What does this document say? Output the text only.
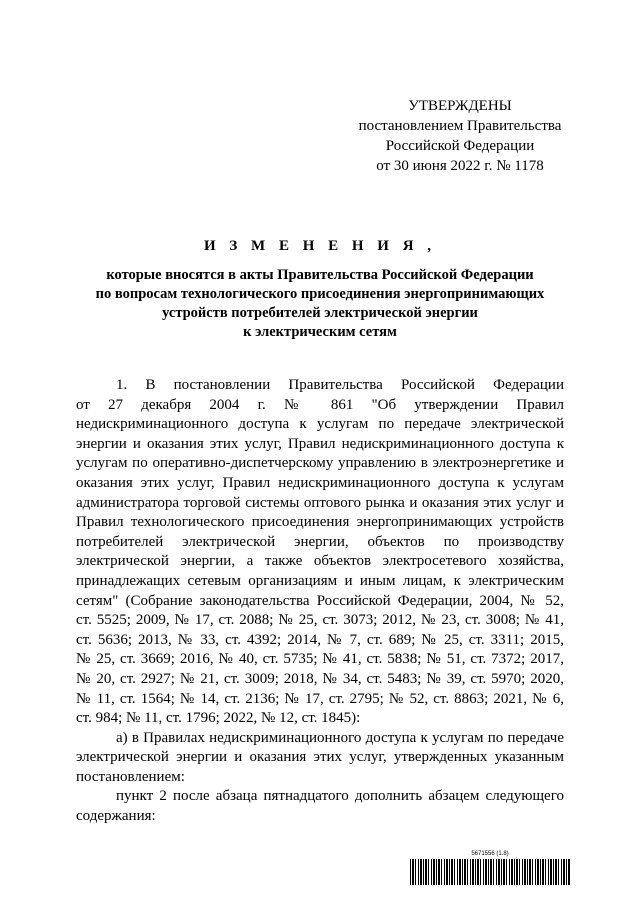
УТВЕРЖДЕНЫ
постановлением Правительства
Российской Федерации
от 30 июня 2022 г. № 1178
И З М Е Н Е Н И Я ,
которые вносятся в акты Правительства Российской Федерации
по вопросам технологического присоединения энергопринимающих
устройств потребителей электрической энергии
к электрическим сетям
1. В постановлении Правительства Российской Федерации
от 27 декабря 2004 г. № 861 "Об утверждении Правил
недискриминационного доступа к услугам по передаче электрической
энергии и оказания этих услуг, Правил недискриминационного доступа к
услугам по оперативно-диспетчерскому управлению в электроэнергетике и
оказания этих услуг, Правил недискриминационного доступа к услугам
администратора торговой системы оптового рынка и оказания этих услуг и
Правил технологического присоединения энергопринимающих устройств
потребителей электрической энергии, объектов по производству
электрической энергии, а также объектов электросетевого хозяйства,
принадлежащих сетевым организациям и иным лицам, к электрическим
сетям" (Собрание законодательства Российской Федерации, 2004, № 52,
ст. 5525; 2009, № 17, ст. 2088; № 25, ст. 3073; 2012, № 23, ст. 3008; № 41,
ст. 5636; 2013, № 33, ст. 4392; 2014, № 7, ст. 689; № 25, ст. 3311; 2015,
№ 25, ст. 3669; 2016, № 40, ст. 5735; № 41, ст. 5838; № 51, ст. 7372; 2017,
№ 20, ст. 2927; № 21, ст. 3009; 2018, № 34, ст. 5483; № 39, ст. 5970; 2020,
№ 11, ст. 1564; № 14, ст. 2136; № 17, ст. 2795; № 52, ст. 8863; 2021, № 6,
ст. 984; № 11, ст. 1796; 2022, № 12, ст. 1845):
а) в Правилах недискриминационного доступа к услугам по передаче
электрической энергии и оказания этих услуг, утвержденных указанным
постановлением:
пункт 2 после абзаца пятнадцатого дополнить абзацем следующего
содержания:
5671556 (1.8)
